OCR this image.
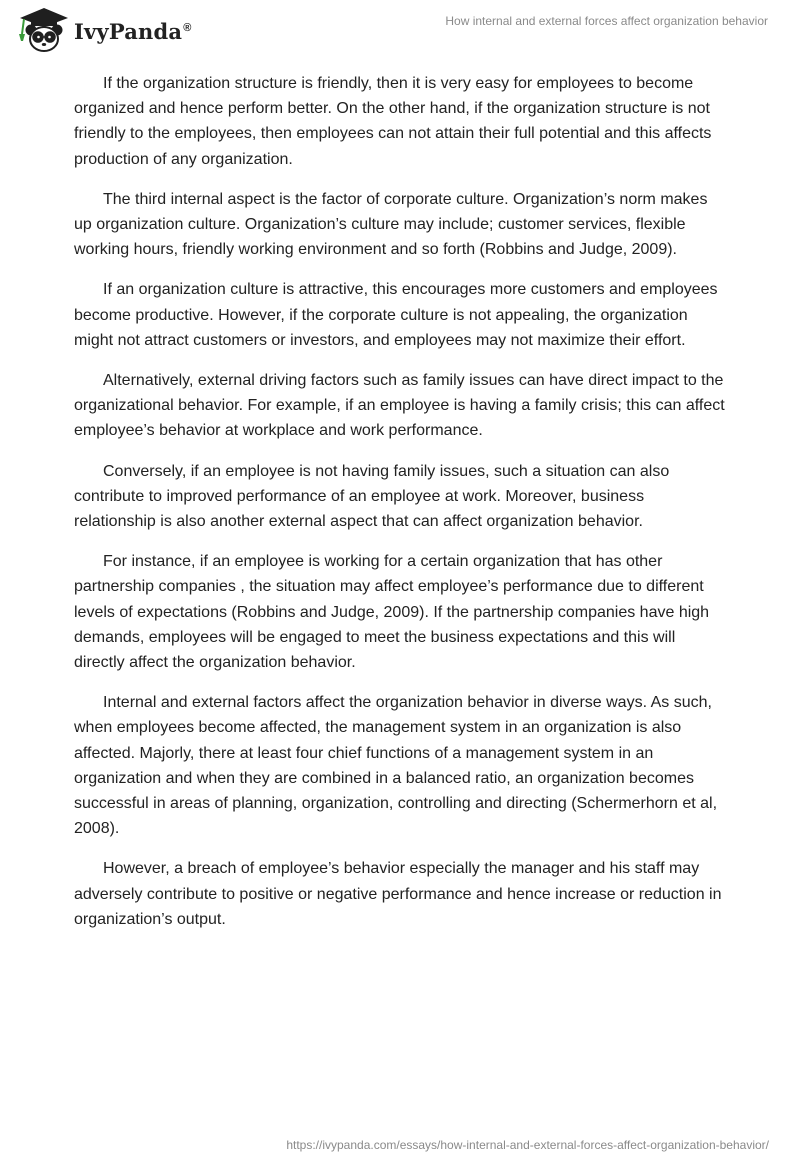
IvyPanda®	How internal and external forces affect organization behavior

If the organization structure is friendly, then it is very easy for employees to become organized and hence perform better. On the other hand, if the organization structure is not friendly to the employees, then employees can not attain their full potential and this affects production of any organization.

The third internal aspect is the factor of corporate culture. Organization’s norm makes up organization culture. Organization’s culture may include; customer services, flexible working hours, friendly working environment and so forth (Robbins and Judge, 2009).

If an organization culture is attractive, this encourages more customers and employees become productive. However, if the corporate culture is not appealing, the organization might not attract customers or investors, and employees may not maximize their effort.

Alternatively, external driving factors such as family issues can have direct impact to the organizational behavior. For example, if an employee is having a family crisis; this can affect employee’s behavior at workplace and work performance.

Conversely, if an employee is not having family issues, such a situation can also contribute to improved performance of an employee at work. Moreover, business relationship is also another external aspect that can affect organization behavior.

For instance, if an employee is working for a certain organization that has other partnership companies , the situation may affect employee’s performance due to different levels of expectations (Robbins and Judge, 2009). If the partnership companies have high demands, employees will be engaged to meet the business expectations and this will directly affect the organization behavior.

Internal and external factors affect the organization behavior in diverse ways. As such, when employees become affected, the management system in an organization is also affected. Majorly, there at least four chief functions of a management system in an organization and when they are combined in a balanced ratio, an organization becomes successful in areas of planning, organization, controlling and directing (Schermerhorn et al, 2008).

However, a breach of employee’s behavior especially the manager and his staff may adversely contribute to positive or negative performance and hence increase or reduction in organization’s output.

https://ivypanda.com/essays/how-internal-and-external-forces-affect-organization-behavior/
